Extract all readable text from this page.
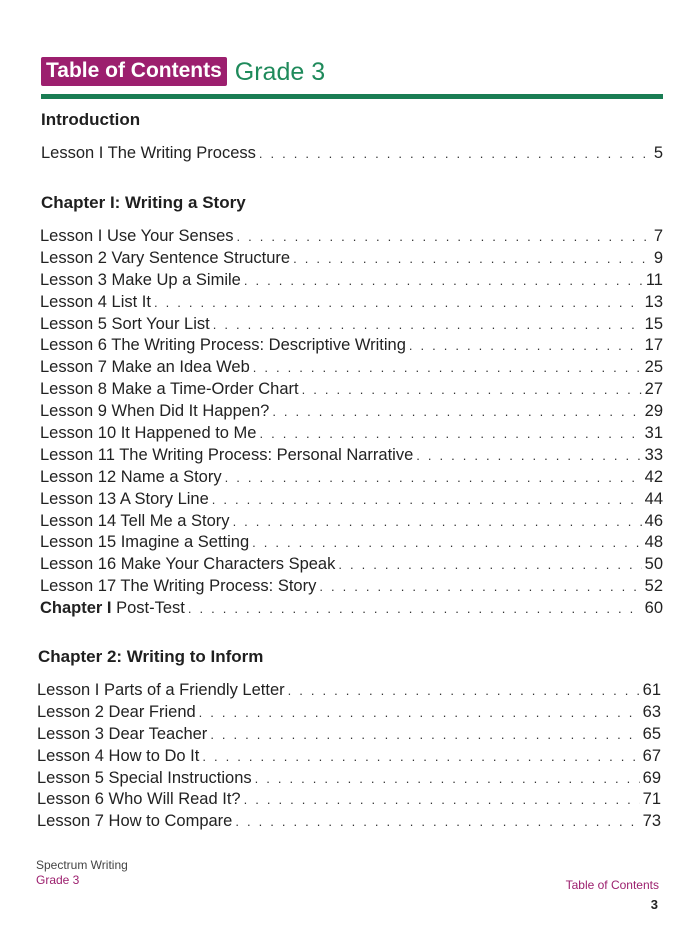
Table of Contents Grade 3
Introduction
Lesson I The Writing Process . . .	5
Chapter I: Writing a Story
Lesson I Use Your Senses . . .	7
Lesson 2 Vary Sentence Structure . . .	9
Lesson 3 Make Up a Simile . . .	11
Lesson 4 List It . . .	13
Lesson 5 Sort Your List . . .	15
Lesson 6 The Writing Process: Descriptive Writing . . .	17
Lesson 7 Make an Idea Web . . .	25
Lesson 8 Make a Time-Order Chart . . .	27
Lesson 9 When Did It Happen? . . .	29
Lesson 10 It Happened to Me . . .	31
Lesson 11 The Writing Process: Personal Narrative . . .	33
Lesson 12 Name a Story . . .	42
Lesson 13 A Story Line . . .	44
Lesson 14 Tell Me a Story . . .	46
Lesson 15 Imagine a Setting . . .	48
Lesson 16 Make Your Characters Speak . . .	50
Lesson 17 The Writing Process: Story . . .	52
Chapter I Post-Test . . .	60
Chapter 2: Writing to Inform
Lesson I Parts of a Friendly Letter . . .	61
Lesson 2 Dear Friend . . .	63
Lesson 3 Dear Teacher . . .	65
Lesson 4 How to Do It . . .	67
Lesson 5 Special Instructions . . .	69
Lesson 6 Who Will Read It? . . .	71
Lesson 7 How to Compare . . .	73
Spectrum Writing
Grade 3	Table of Contents
3
